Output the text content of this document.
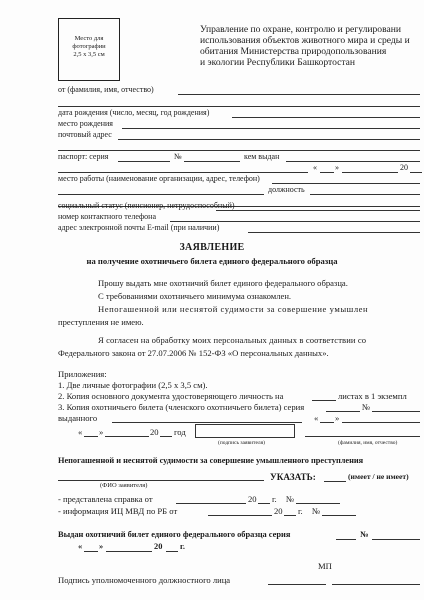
Место для
фотографии
2,5 х 3,5 см
Управление по охране, контролю и регулировани
использования объектов животного мира и среды и
обитания Министерства природопользования
и экологии Республики Башкортостан
от (фамилия, имя, отчество)
дата рождения (число, месяц, год рождения)
место рождения
почтовый адрес
паспорт: серия	№	кем выдан
« »	20
место работы (наименование организации, адрес, телефон)
должность
социальный статус (пенсионер, нетрудоспособный)
номер контактного телефона
адрес электронной почты E-mail (при наличии)
ЗАЯВЛЕНИЕ
на получение охотничьего билета единого федерального образца
Прошу выдать мне охотничий билет единого федерального образца.
С требованиями охотничьего минимума ознакомлен.
Непогашенной или неснятой судимости за совершение умышлен
преступления не имею.
Я согласен на обработку моих персональных данных в соответствии со
Федерального закона от 27.07.2006 № 152-ФЗ «О персональных данных».
Приложения:
1. Две личные фотографии (2,5 х 3,5 см).
2. Копия основного документа удостоверяющего личность на	листах в 1 экземпл
3. Копия охотничьего билета (членского охотничьего билета) серия	№
выданного	« »
« »	20 год
(подпись заявителя)	(фамилия, имя, отчество)
Непогашенной и неснятой судимости за совершение умышленного преступления
УКАЗАТЬ:	(имеет / не имеет)
(ФИО заявителя)
- представлена справка от	20 г. №
- информация ИЦ МВД по РБ от	20 г. №
Выдан охотничий билет единого федерального образца серия	№
« »	20 г.
МП
Подпись уполномоченного должностного лица
